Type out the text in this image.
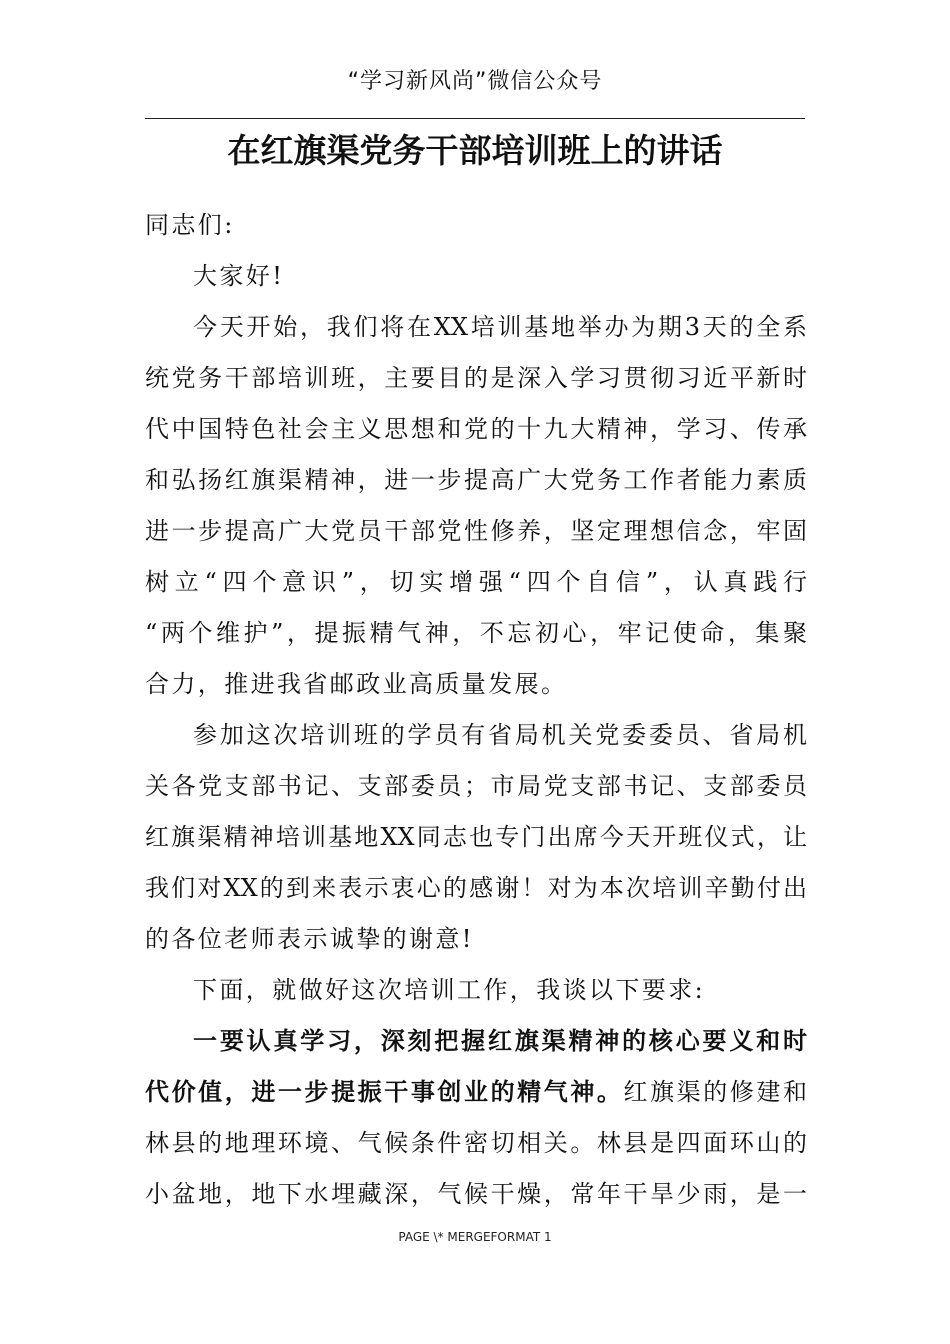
“学习新风尚”微信公众号
在红旗渠党务干部培训班上的讲话
同志们:
大家好!
今天开始，我们将在XX培训基地举办为期3天的全系
统党务干部培训班，主要目的是深入学习贯彻习近平新时
代中国特色社会主义思想和党的十九大精神，学习、传承
和弘扬红旗渠精神，进一步提高广大党务工作者能力素质
进一步提高广大党员干部党性修养，坚定理想信念，牢固
树立“四个意识”，切实增强“四个自信”，认真践行
“两个维护”，提振精气神，不忘初心，牢记使命，集聚
合力，推进我省邮政业高质量发展。
参加这次培训班的学员有省局机关党委委员、省局机
关各党支部书记、支部委员；市局党支部书记、支部委员
红旗渠精神培训基地XX同志也专门出席今天开班仪式，让
我们对XX的到来表示衷心的感谢！对为本次培训辛勤付出
的各位老师表示诚挚的谢意!
下面，就做好这次培训工作，我谈以下要求:
一要认真学习，深刻把握红旗渠精神的核心要义和时
代价值，进一步提振干事创业的精气神。红旗渠的修建和
林县的地理环境、气候条件密切相关。林县是四面环山的
小盆地，地下水埋藏深，气候干燥，常年干旱少雨，是一
PAGE \* MERGEFORMAT 1
